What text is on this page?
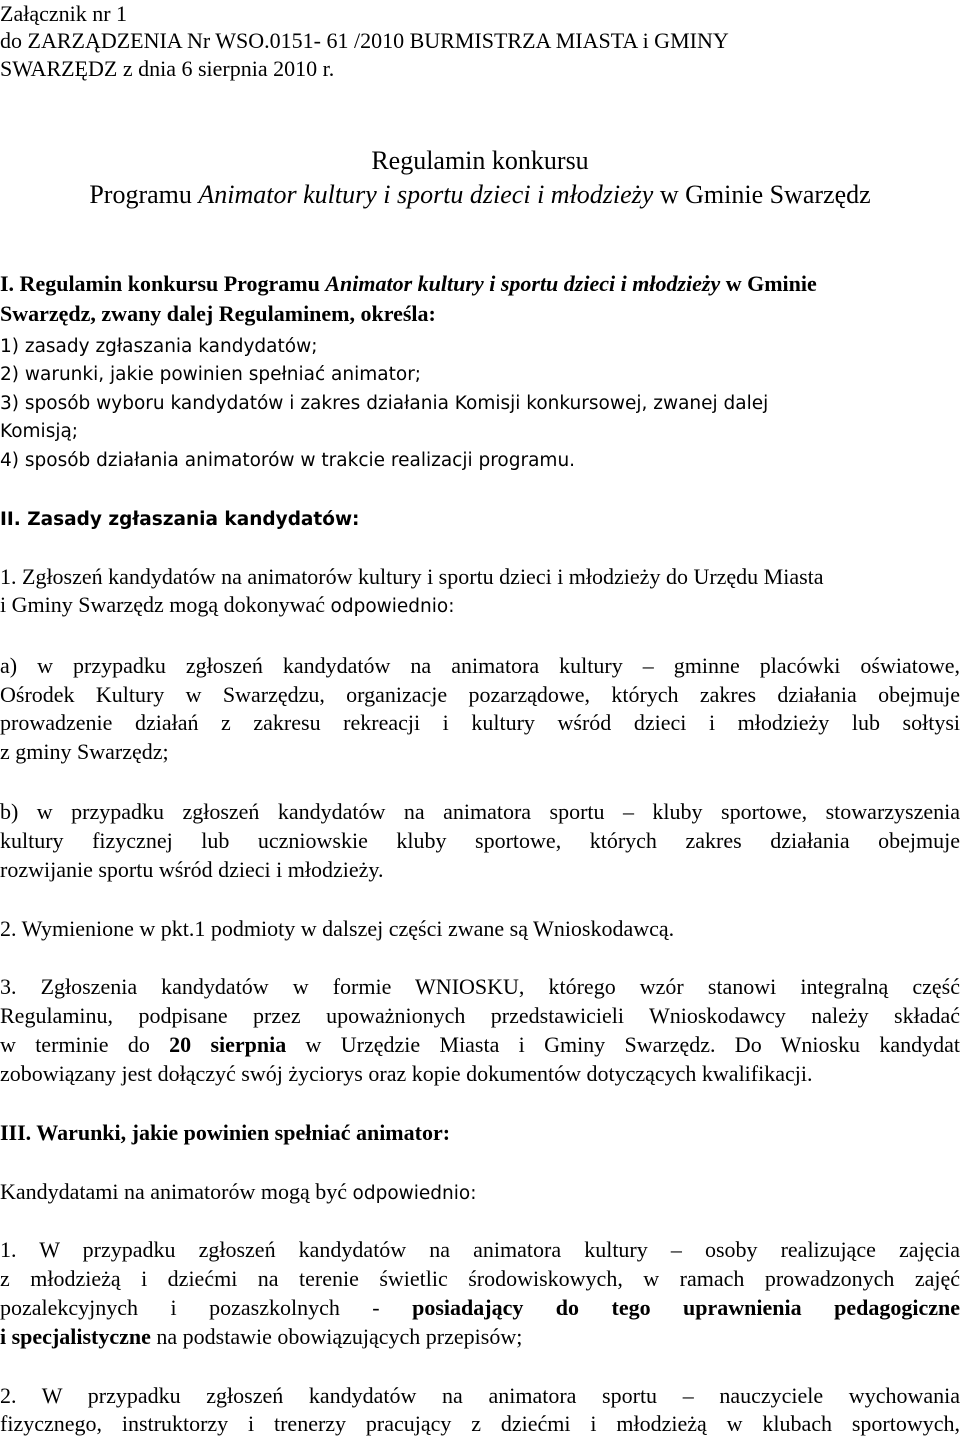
Załącznik nr 1
do ZARZĄDZENIA Nr WSO.0151- 61 /2010 BURMISTRZA MIASTA i GMINY
SWARZĘDZ z dnia 6 sierpnia 2010 r.
Regulamin konkursu
Programu Animator kultury i sportu dzieci i młodzieży w Gminie Swarzędz
I. Regulamin konkursu Programu Animator kultury i sportu dzieci i młodzieży w Gminie
Swarzędz, zwany dalej Regulaminem, określa:
1) zasady zgłaszania kandydatów;
2) warunki, jakie powinien spełniać animator;
3) sposób wyboru kandydatów i zakres działania Komisji konkursowej, zwanej dalej
Komisją;
4) sposób działania animatorów w trakcie realizacji programu.
II. Zasady zgłaszania kandydatów:
1. Zgłoszeń kandydatów na animatorów kultury i sportu dzieci i młodzieży do Urzędu Miasta
i Gminy Swarzędz mogą dokonywać odpowiednio:
a) w przypadku zgłoszeń kandydatów na animatora kultury – gminne placówki oświatowe,
Ośrodek Kultury w Swarzędzu, organizacje pozarządowe, których zakres działania obejmuje
prowadzenie działań z zakresu rekreacji i kultury wśród dzieci i młodzieży lub sołtysi
z gminy Swarzędz;
b) w przypadku zgłoszeń kandydatów na animatora sportu – kluby sportowe, stowarzyszenia
kultury fizycznej lub uczniowskie kluby sportowe, których zakres działania obejmuje
rozwijanie sportu wśród dzieci i młodzieży.
2. Wymienione w pkt.1 podmioty w dalszej części zwane są Wnioskodawcą.
3. Zgłoszenia kandydatów w formie WNIOSKU, którego wzór stanowi integralną część
Regulaminu, podpisane przez upoważnionych przedstawicieli Wnioskodawcy należy składać
w terminie do 20 sierpnia w Urzędzie Miasta i Gminy Swarzędz. Do Wniosku kandydat
zobowiązany jest dołączyć swój życiorys oraz kopie dokumentów dotyczących kwalifikacji.
III. Warunki, jakie powinien spełniać animator:
Kandydatami na animatorów mogą być odpowiednio:
1. W przypadku zgłoszeń kandydatów na animatora kultury – osoby realizujące zajęcia
z młodzieżą i dziećmi na terenie świetlic środowiskowych, w ramach prowadzonych zajęć
pozalekcyjnych i pozaszkolnych - posiadający do tego uprawnienia pedagogiczne
i specjalistyczne na podstawie obowiązujących przepisów;
2. W przypadku zgłoszeń kandydatów na animatora sportu – nauczyciele wychowania
fizycznego, instruktorzy i trenerzy pracujący z dziećmi i młodzieżą w klubach sportowych,
